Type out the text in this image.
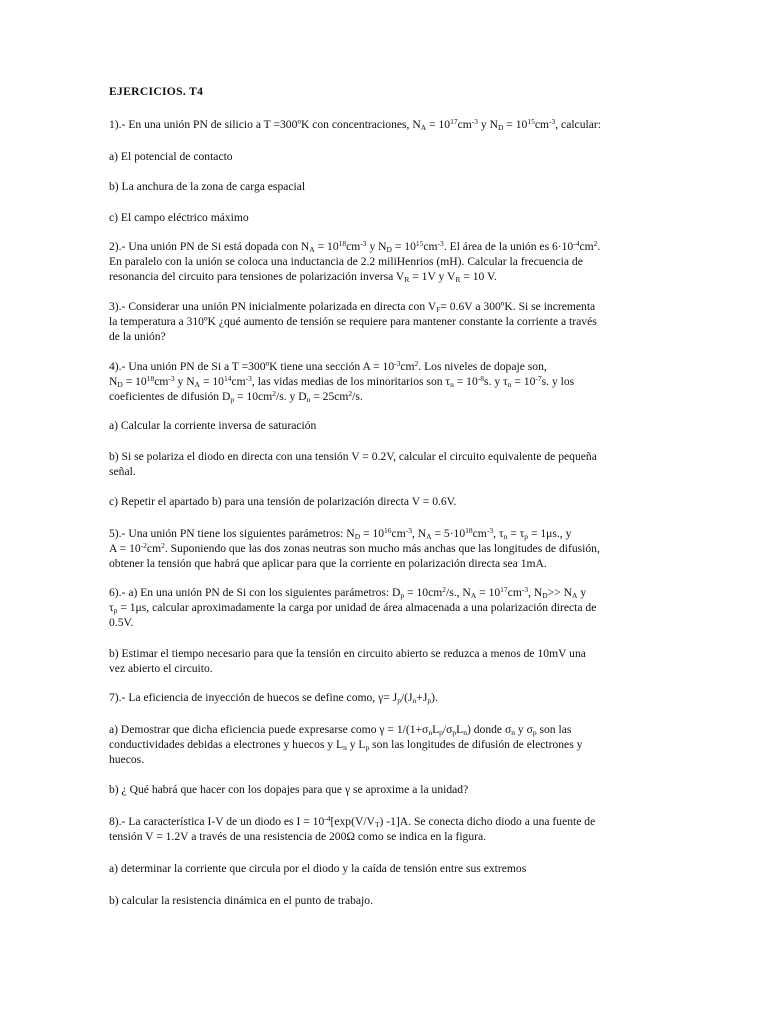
EJERCICIOS. T4

1).- En una unión PN de silicio a T =300ºK con concentraciones, $N_A = 10^{17}cm^{-3}$ y $N_D = 10^{15}cm^{-3}$, calcular:

a) El potencial de contacto

b) La anchura de la zona de carga espacial

c) El campo eléctrico máximo

2).- Una unión PN de Si está dopada con $N_A = 10^{18}cm^{-3}$ y $N_D = 10^{15}cm^{-3}$. El área de la unión es $6\cdot 10^{-4}cm^2$.
En paralelo con la unión se coloca una inductancia de 2.2 miliHenrios (mH). Calcular la frecuencia de
resonancia del circuito para tensiones de polarización inversa $V_R = 1V$ y $V_R = 10$ V.

3).- Considerar una unión PN inicialmente polarizada en directa con $V_F= 0.6V$ a 300ºK. Si se incrementa
la temperatura a 310ºK ¿qué aumento de tensión se requiere para mantener constante la corriente a través
de la unión?

4).- Una unión PN de Si a T =300ºK tiene una sección $A = 10^{-3}cm^2$. Los niveles de dopaje son,
$N_D = 10^{18}cm^{-3}$ y $N_A = 10^{14}cm^{-3}$, las vidas medias de los minoritarios son $\tau_n = 10^{-8}s$. y $\tau_n = 10^{-7}s$. y los
coeficientes de difusión $D_p = 10cm^2/s$. y $D_n = 25cm^2/s$.

a) Calcular la corriente inversa de saturación

b) Si se polariza el diodo en directa con una tensión V = 0.2V, calcular el circuito equivalente de pequeña
señal.

c) Repetir el apartado b) para una tensión de polarización directa V = 0.6V.

5).- Una unión PN tiene los siguientes parámetros: $N_D = 10^{16}cm^{-3}$, $N_A = 5\cdot 10^{18}cm^{-3}$, $\tau_n = \tau_p = 1\mu s$., y
$A = 10^{-2}cm^2$. Suponiendo que las dos zonas neutras son mucho más anchas que las longitudes de difusión,
obtener la tensión que habrá que aplicar para que la corriente en polarización directa sea 1mA.

6).- a) En una unión PN de Si con los siguientes parámetros: $D_p = 10cm^2/s$., $N_A = 10^{17}cm^{-3}$, $N_D>> N_A$ y
$\tau_p = 1\mu s$, calcular aproximadamente la carga por unidad de área almacenada a una polarización directa de
0.5V.

b) Estimar el tiempo necesario para que la tensión en circuito abierto se reduzca a menos de 10mV una
vez abierto el circuito.

7).- La eficiencia de inyección de huecos se define como, $\gamma= J_p/(J_n+J_p)$.

a) Demostrar que dicha eficiencia puede expresarse como $\gamma = 1/(1+\sigma_nL_p/\sigma_pL_n)$ donde $\sigma_n$ y $\sigma_p$ son las
conductividades debidas a electrones y huecos y $L_n$ y $L_p$ son las longitudes de difusión de electrones y
huecos.

b) ¿ Qué habrá que hacer con los dopajes para que γ se aproxime a la unidad?

8).- La característica I-V de un diodo es $I = 10^{-4}[\exp(V/V_T)$ -1]A. Se conecta dicho diodo a una fuente de
tensión V = 1.2V a través de una resistencia de 200Ω como se indica en la figura.

a) determinar la corriente que circula por el diodo y la caída de tensión entre sus extremos

b) calcular la resistencia dinámica en el punto de trabajo.
